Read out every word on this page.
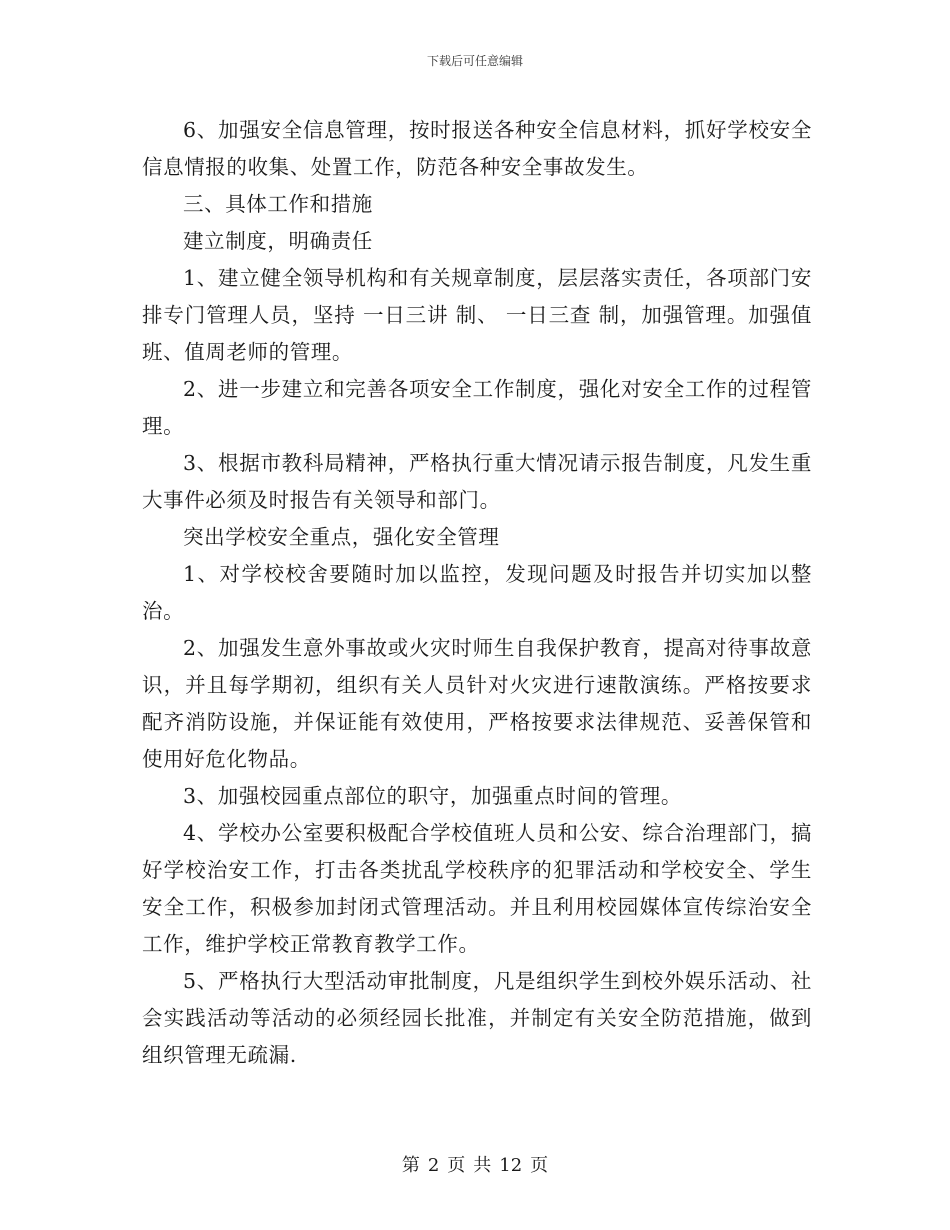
下载后可任意编辑

6、加强安全信息管理，按时报送各种安全信息材料，抓好学校安全信息情报的收集、处置工作，防范各种安全事故发生。

三、具体工作和措施

建立制度，明确责任

1、建立健全领导机构和有关规章制度，层层落实责任，各项部门安排专门管理人员，坚持 一日三讲 制、 一日三查 制，加强管理。加强值班、值周老师的管理。

2、进一步建立和完善各项安全工作制度，强化对安全工作的过程管理。

3、根据市教科局精神，严格执行重大情况请示报告制度，凡发生重大事件必须及时报告有关领导和部门。

突出学校安全重点，强化安全管理

1、对学校校舍要随时加以监控，发现问题及时报告并切实加以整治。

2、加强发生意外事故或火灾时师生自我保护教育，提高对待事故意识，并且每学期初，组织有关人员针对火灾进行速散演练。严格按要求配齐消防设施，并保证能有效使用，严格按要求法律规范、妥善保管和使用好危化物品。

3、加强校园重点部位的职守，加强重点时间的管理。

4、学校办公室要积极配合学校值班人员和公安、综合治理部门，搞好学校治安工作，打击各类扰乱学校秩序的犯罪活动和学校安全、学生安全工作，积极参加封闭式管理活动。并且利用校园媒体宣传综治安全工作，维护学校正常教育教学工作。

5、严格执行大型活动审批制度，凡是组织学生到校外娱乐活动、社会实践活动等活动的必须经园长批准，并制定有关安全防范措施，做到组织管理无疏漏.

第 2 页 共 12 页
